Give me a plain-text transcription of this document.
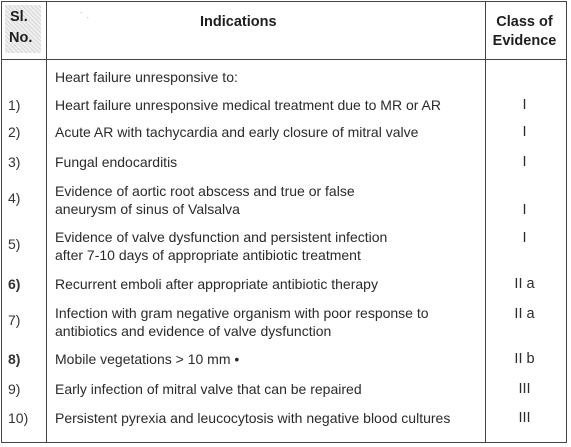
Sl.
No.
ˊ   ˎ	Indications	Class of
Evidence
Heart failure unresponsive to:
1)	Heart failure unresponsive medical treatment due to MR or AR	I
2)	Acute AR with tachycardia and early closure of mitral valve	I
3)	Fungal endocarditis	I
4)	Evidence of aortic root abscess and true or false
aneurysm of sinus of Valsalva	I
5)	Evidence of valve dysfunction and persistent infection
after 7-10 days of appropriate antibiotic treatment
I
6)	Recurrent emboli after appropriate antibiotic therapy	II a
7)	Infection with gram negative organism with poor response to
antibiotics and evidence of valve dysfunction
II a
8)	Mobile vegetations > 10 mm •	II b
9)	Early infection of mitral valve that can be repaired	III
10)	Persistent pyrexia and leucocytosis with negative blood cultures	III
